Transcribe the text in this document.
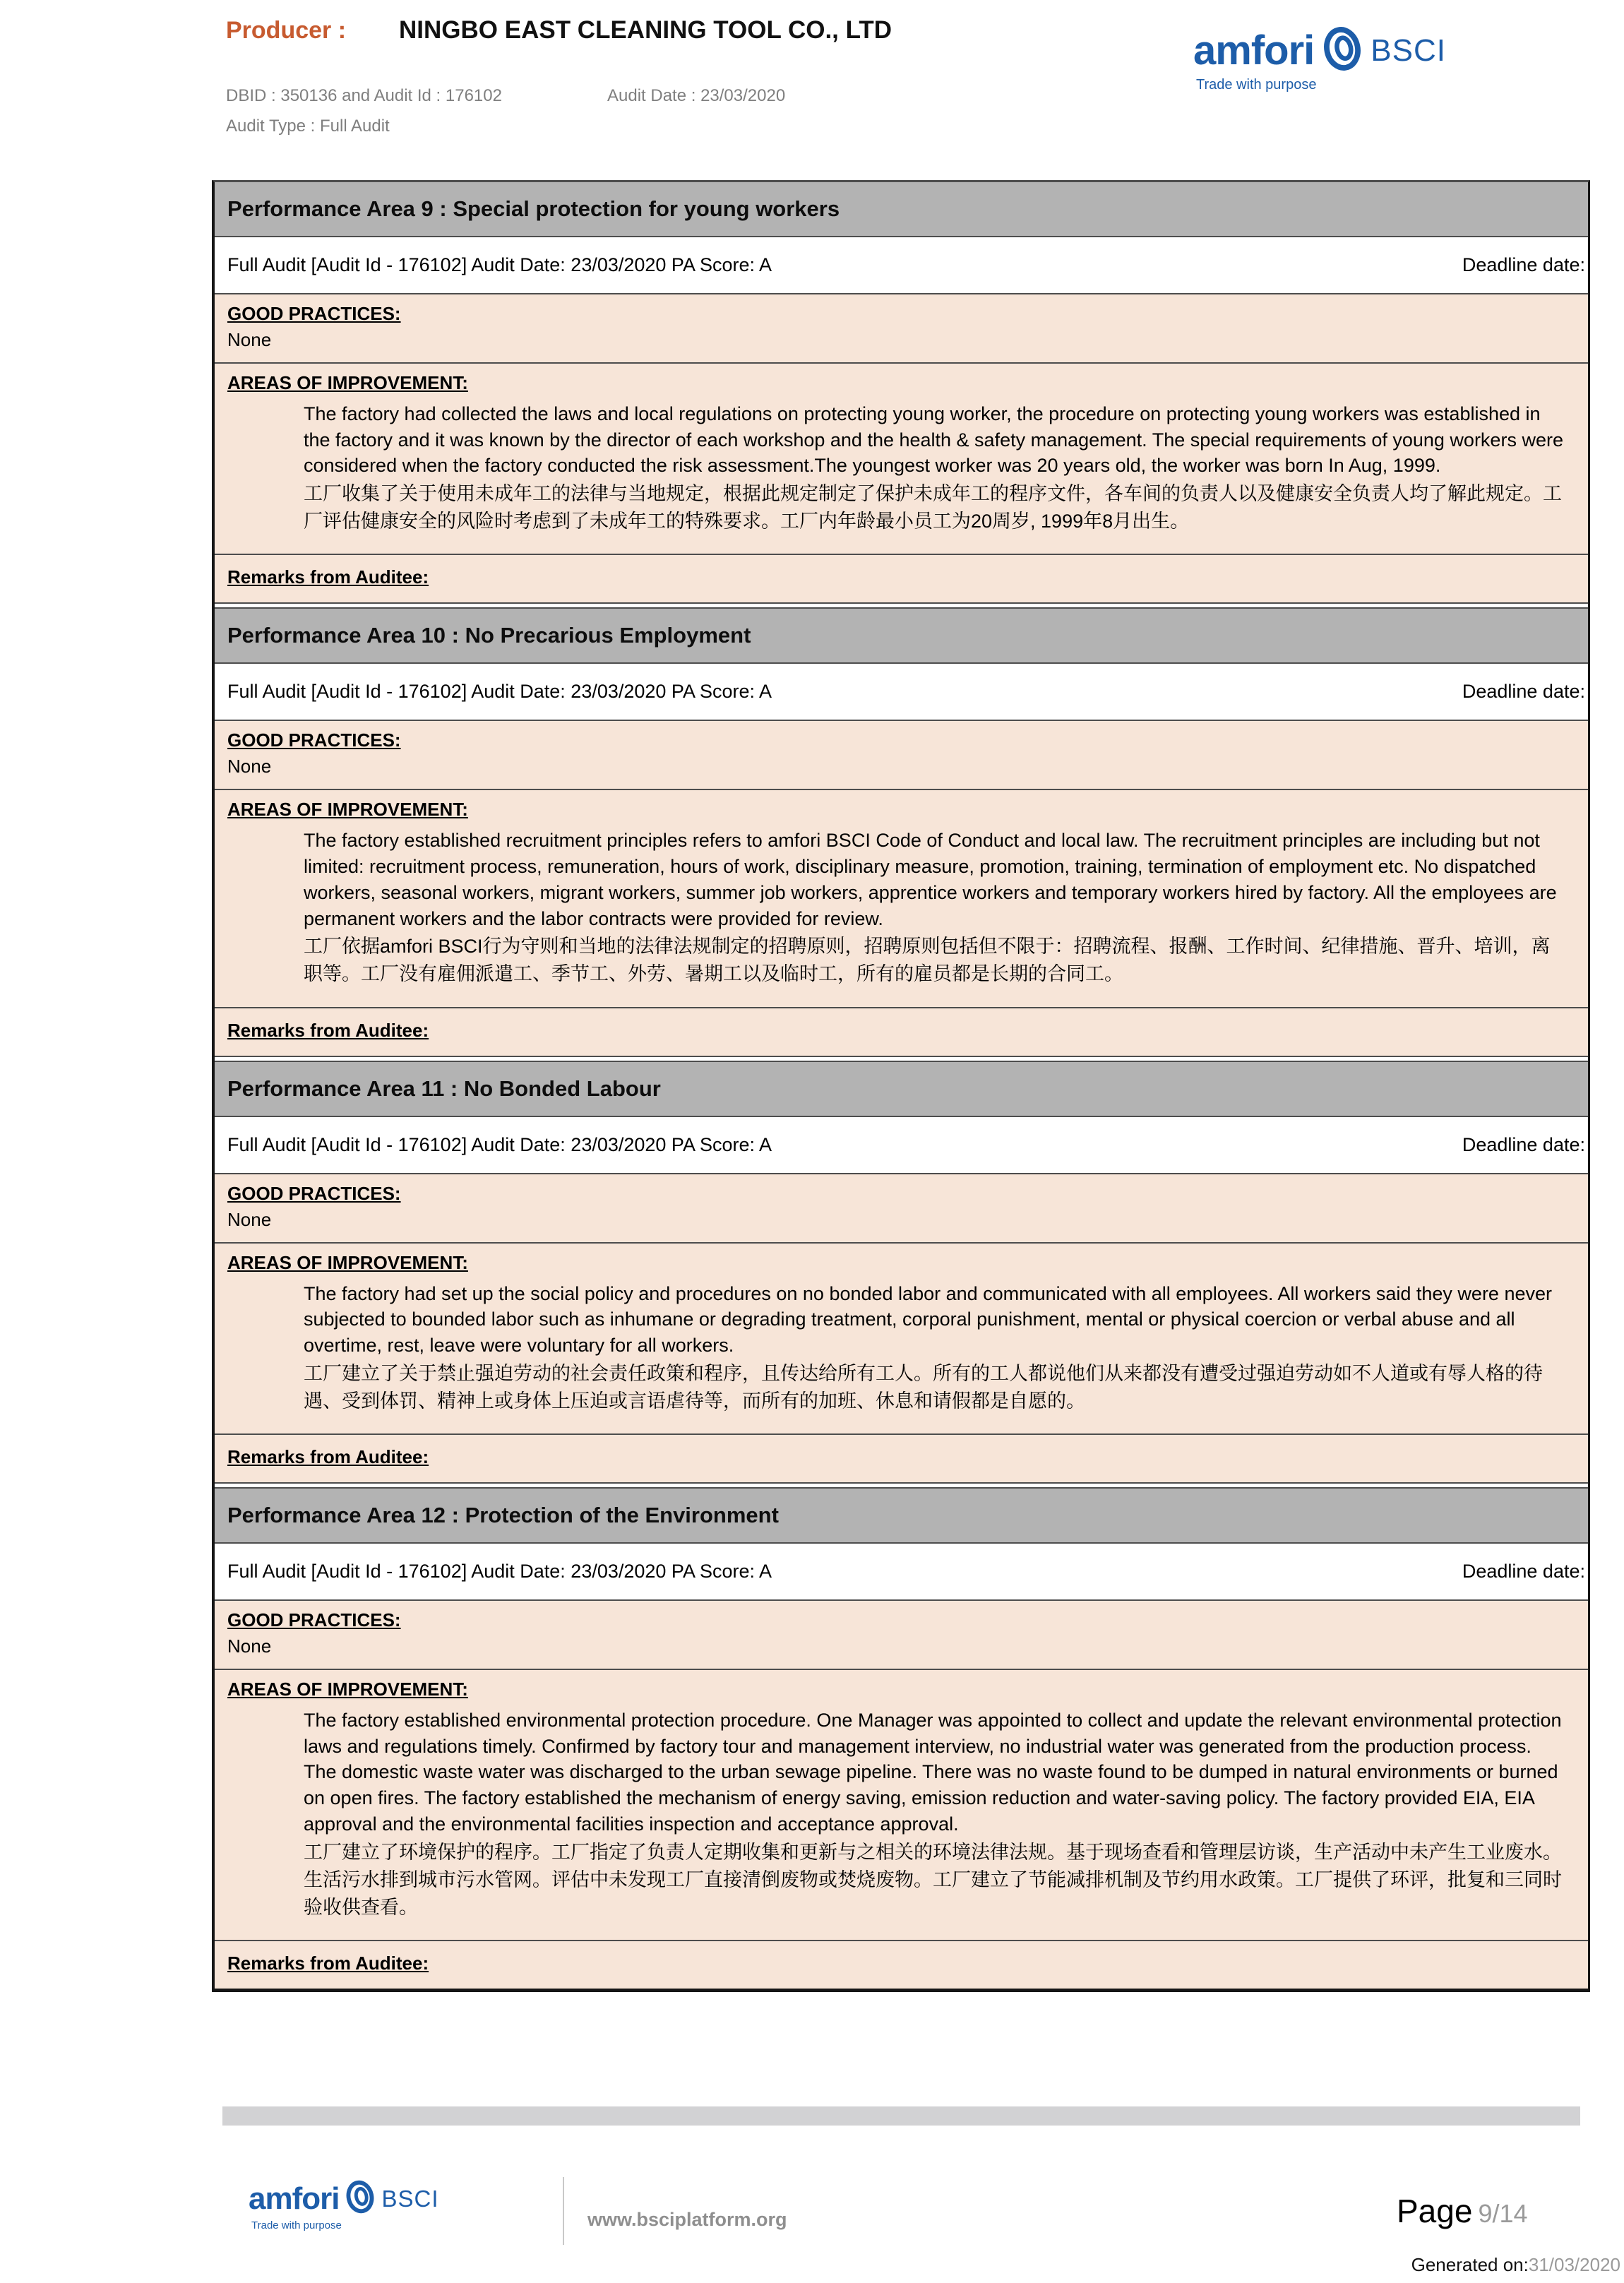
Producer : NINGBO EAST CLEANING TOOL CO., LTD
DBID : 350136 and Audit Id : 176102	Audit Date : 23/03/2020
Audit Type : Full Audit
amfori BSCI
Trade with purpose
Performance Area 9 : Special protection for young workers
Full Audit [Audit Id - 176102] Audit Date: 23/03/2020 PA Score: A	Deadline date:
GOOD PRACTICES:
None
AREAS OF IMPROVEMENT:
The factory had collected the laws and local regulations on protecting young worker, the procedure on protecting young workers was established in the factory and it was known by the director of each workshop and the health & safety management. The special requirements of young workers were considered when the factory conducted the risk assessment.The youngest worker was 20 years old, the worker was born In Aug, 1999.
工厂收集了关于使用未成年工的法律与当地规定，根据此规定制定了保护未成年工的程序文件，各车间的负责人以及健康安全负责人均了解此规定。工厂评估健康安全的风险时考虑到了未成年工的特殊要求。工厂内年龄最小员工为20周岁, 1999年8月出生。
Remarks from Auditee:
Performance Area 10 : No Precarious Employment
Full Audit [Audit Id - 176102] Audit Date: 23/03/2020 PA Score: A	Deadline date:
GOOD PRACTICES:
None
AREAS OF IMPROVEMENT:
The factory established recruitment principles refers to amfori BSCI Code of Conduct and local law. The recruitment principles are including but not limited: recruitment process, remuneration, hours of work, disciplinary measure, promotion, training, termination of employment etc. No dispatched workers, seasonal workers, migrant workers, summer job workers, apprentice workers and temporary workers hired by factory. All the employees are permanent workers and the labor contracts were provided for review.
工厂依据amfori BSCI行为守则和当地的法律法规制定的招聘原则，招聘原则包括但不限于：招聘流程、报酬、工作时间、纪律措施、晋升、培训，离职等。工厂没有雇佣派遣工、季节工、外劳、暑期工以及临时工，所有的雇员都是长期的合同工。
Remarks from Auditee:
Performance Area 11 : No Bonded Labour
Full Audit [Audit Id - 176102] Audit Date: 23/03/2020 PA Score: A	Deadline date:
GOOD PRACTICES:
None
AREAS OF IMPROVEMENT:
The factory had set up the social policy and procedures on no bonded labor and communicated with all employees. All workers said they were never subjected to bounded labor such as inhumane or degrading treatment, corporal punishment, mental or physical coercion or verbal abuse and all overtime, rest, leave were voluntary for all workers.
工厂建立了关于禁止强迫劳动的社会责任政策和程序，且传达给所有工人。所有的工人都说他们从来都没有遭受过强迫劳动如不人道或有辱人格的待遇、受到体罚、精神上或身体上压迫或言语虐待等，而所有的加班、休息和请假都是自愿的。
Remarks from Auditee:
Performance Area 12 : Protection of the Environment
Full Audit [Audit Id - 176102] Audit Date: 23/03/2020 PA Score: A	Deadline date:
GOOD PRACTICES:
None
AREAS OF IMPROVEMENT:
The factory established environmental protection procedure. One Manager was appointed to collect and update the relevant environmental protection laws and regulations timely. Confirmed by factory tour and management interview, no industrial water was generated from the production process. The domestic waste water was discharged to the urban sewage pipeline. There was no waste found to be dumped in natural environments or burned on open fires. The factory established the mechanism of energy saving, emission reduction and water-saving policy. The factory provided EIA, EIA approval and the environmental facilities inspection and acceptance approval.
工厂建立了环境保护的程序。工厂指定了负责人定期收集和更新与之相关的环境法律法规。基于现场查看和管理层访谈，生产活动中未产生工业废水。生活污水排到城市污水管网。评估中未发现工厂直接清倒废物或焚烧废物。工厂建立了节能减排机制及节约用水政策。工厂提供了环评，批复和三同时验收供查看。
Remarks from Auditee:
amfori BSCI
Trade with purpose	www.bsciplatform.org	Page 9/14
Generated on:31/03/2020
